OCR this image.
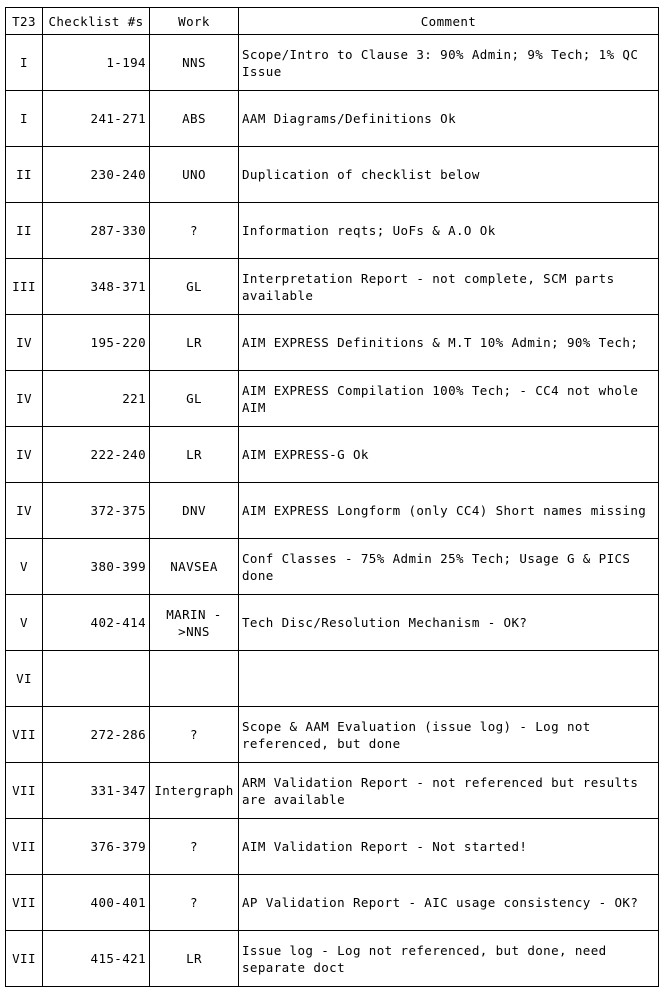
T23	Checklist #s	Work	Comment
I	1-194	NNS	Scope/Intro to Clause 3: 90% Admin; 9% Tech; 1% QC Issue
I	241-271	ABS	AAM Diagrams/Definitions Ok
II	230-240	UNO	Duplication of checklist below
II	287-330	?	Information reqts; UoFs & A.O Ok
III	348-371	GL	Interpretation Report - not complete, SCM parts available
IV	195-220	LR	AIM EXPRESS Definitions & M.T 10% Admin; 90% Tech;
IV	221	GL	AIM EXPRESS Compilation 100% Tech; - CC4 not whole AIM
IV	222-240	LR	AIM EXPRESS-G Ok
IV	372-375	DNV	AIM EXPRESS Longform (only CC4) Short names missing
V	380-399	NAVSEA	Conf Classes - 75% Admin 25% Tech; Usage G & PICS done
V	402-414	MARIN ->NNS	Tech Disc/Resolution Mechanism - OK?
VI			
VII	272-286	?	Scope & AAM Evaluation (issue log) - Log not referenced, but done
VII	331-347	Intergraph	ARM Validation Report - not referenced but results are available
VII	376-379	?	AIM Validation Report - Not started!
VII	400-401	?	AP Validation Report - AIC usage consistency - OK?
VII	415-421	LR	Issue log - Log not referenced, but done, need separate doct
